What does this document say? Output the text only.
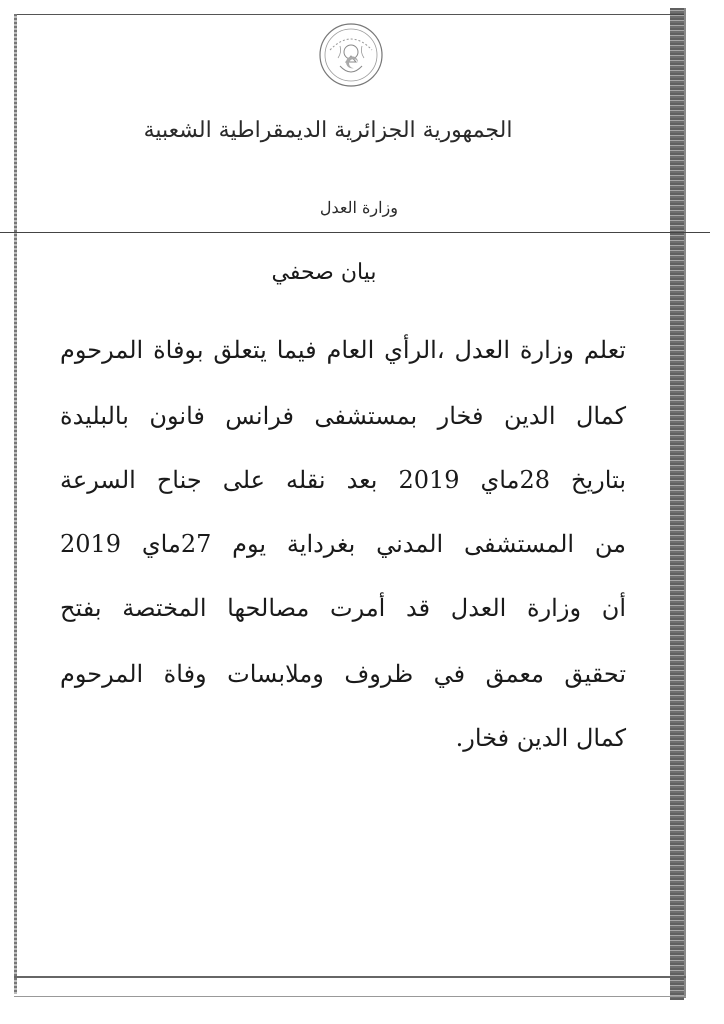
الجمهورية الجزائرية الديمقراطية الشعبية
وزارة العدل
بيان صحفي
تعلم وزارة العدل ،الرأي العام فيما يتعلق بوفاة المرحوم
كمال الدين فخار بمستشفى فرانس فانون بالبليدة
بتاريخ 28ماي 2019 بعد نقله على جناح السرعة
من المستشفى المدني بغرداية يوم 27ماي 2019
أن وزارة العدل قد أمرت مصالحها المختصة بفتح
تحقيق معمق في ظروف وملابسات وفاة المرحوم
كمال الدين فخار.
